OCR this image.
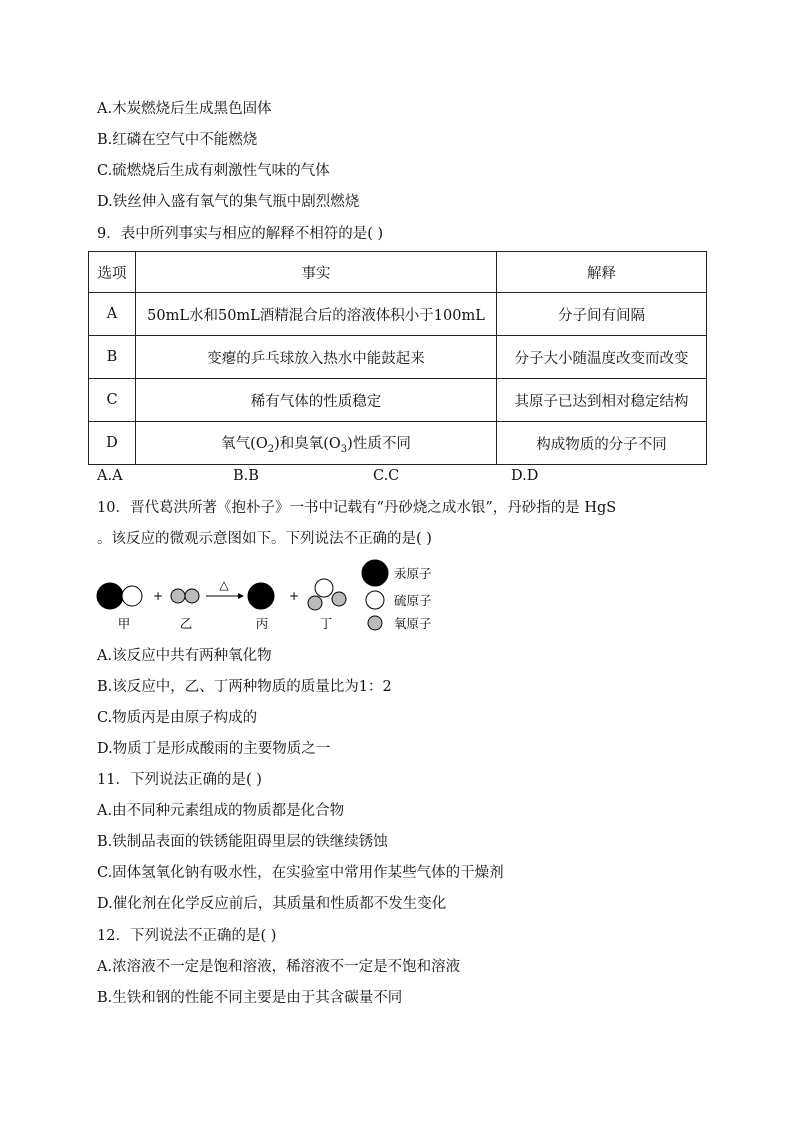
A.木炭燃烧后生成黑色固体
B.红磷在空气中不能燃烧
C.硫燃烧后生成有刺激性气味的气体
D.铁丝伸入盛有氧气的集气瓶中剧烈燃烧
9．表中所列事实与相应的解释不相符的是( )
选项	事实	解释
A	50mL水和50mL酒精混合后的溶液体积小于100mL	分子间有间隔
B	变瘪的乒乓球放入热水中能鼓起来	分子大小随温度改变而改变
C	稀有气体的性质稳定	其原子已达到相对稳定结构
D	氧气$(O_2)$和臭氧$(O_3)$性质不同	构成物质的分子不同
A.A	B.B	C.C	D.D
10．晋代葛洪所著《抱朴子》一书中记载有“丹砂烧之成水银”，丹砂指的是 HgS
。该反应的微观示意图如下。下列说法不正确的是( )
+
△
+
甲	乙	丙	丁
汞原子
硫原子
氧原子
A.该反应中共有两种氧化物
B.该反应中，乙、丁两种物质的质量比为1：2
C.物质丙是由原子构成的
D.物质丁是形成酸雨的主要物质之一
11．下列说法正确的是( )
A.由不同种元素组成的物质都是化合物
B.铁制品表面的铁锈能阻碍里层的铁继续锈蚀
C.固体氢氧化钠有吸水性，在实验室中常用作某些气体的干燥剂
D.催化剂在化学反应前后，其质量和性质都不发生变化
12．下列说法不正确的是( )
A.浓溶液不一定是饱和溶液，稀溶液不一定是不饱和溶液
B.生铁和钢的性能不同主要是由于其含碳量不同
